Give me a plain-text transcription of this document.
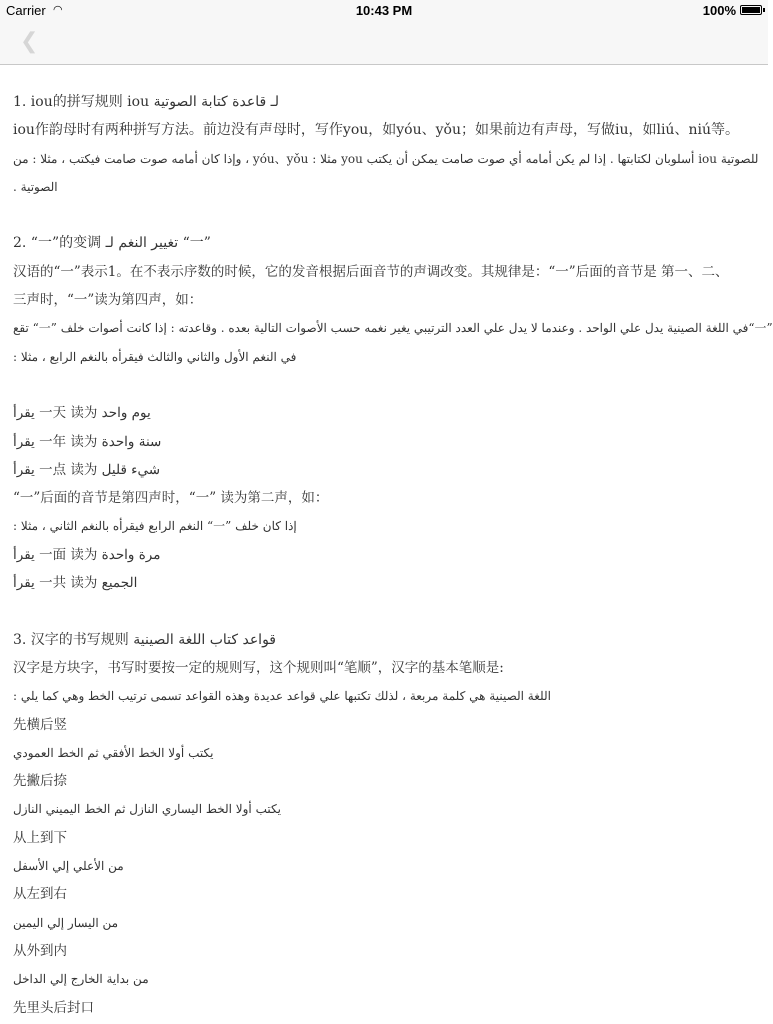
Carrier ◠	10:43 PM	100%
❮
1. iou的拼写规则 iou لـ قاعدة كتابة الصوتية
iou作韵母时有两种拼写方法。前边没有声母时，写作you，如yóu、yǒu；如果前边有声母，写做iu，如liú、niú等。
وإذا كان أمامه صوت صامت فيكتب ، مثلا : من ، yóu、yǒu : مثلا you أسلوبان لكتابتها . إذا لم يكن أمامه أي صوت صامت يمكن أن يكتب iou للصوتية
. الصوتية
2. “一”的变调 تغيير النغم لـ “一”
汉语的“一”表示1。在不表示序数的时候，它的发音根据后面音节的声调改变。其规律是：“一”后面的音节是 第一、二、
三声时，“一”读为第四声，如：
تقع “一” في اللغة الصينية يدل علي الواحد . وعندما لا يدل علي العدد الترتيبي يغير نغمه حسب الأصوات التالية بعده . وقاعدته : إذا كانت أصوات خلف“一”
: في النغم الأول والثاني والثالث فيقرأه بالنغم الرابع ، مثلا
يقرأ 一天 读为 يوم واحد
يقرأ 一年 读为 سنة واحدة
يقرأ 一点 读为 شيء قليل
“一”后面的音节是第四声时，“一” 读为第二声，如：
: النغم الرابع فيقرأه بالنغم الثاني ، مثلا “一” إذا كان خلف
يقرأ 一面 读为 مرة واحدة
يقرأ 一共 读为 الجميع
3. 汉字的书写规则 قواعد كتاب اللغة الصينية
汉字是方块字，书写时要按一定的规则写，这个规则叫“笔顺”，汉字的基本笔顺是:
: اللغة الصينية هي كلمة مربعة ، لذلك تكتبها علي قواعد عديدة وهذه القواعد تسمى ترتيب الخط وهي كما يلي
先横后竖
يكتب أولا الخط الأفقي ثم الخط العمودي
先撇后捺
يكتب أولا الخط اليساري النازل ثم الخط اليميني النازل
从上到下
من الأعلي إلي الأسفل
从左到右
من اليسار إلي اليمين
从外到内
من بداية الخارج إلي الداخل
先里头后封口
